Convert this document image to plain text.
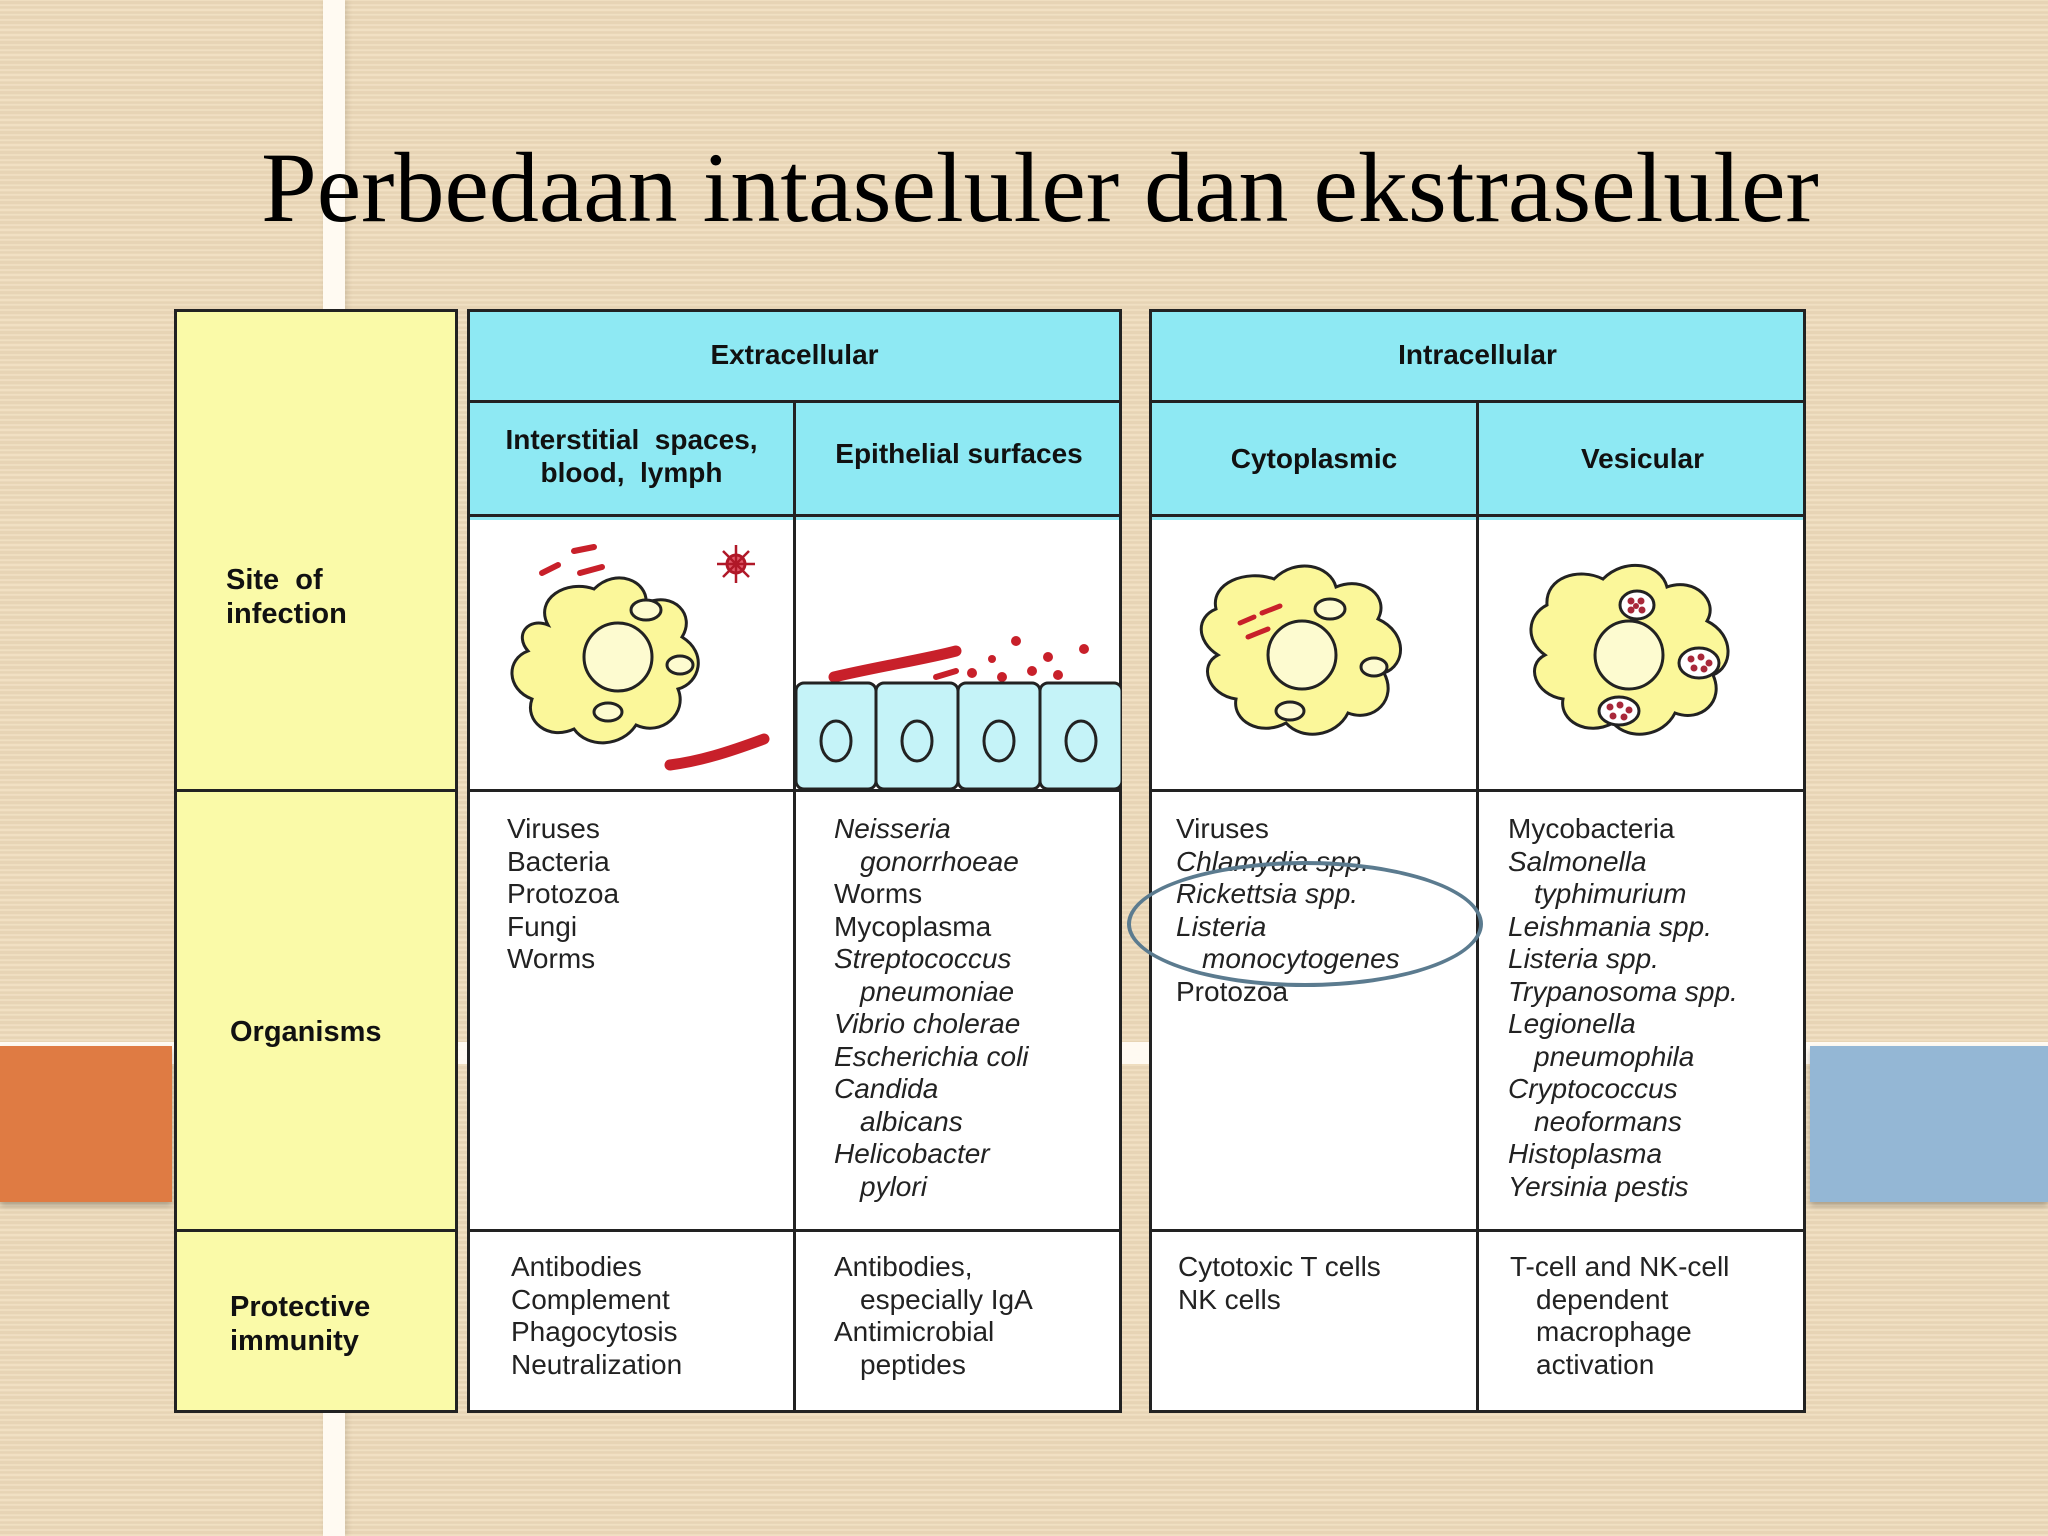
Perbedaan intaseluler dan ekstraseluler
Site  of
infection
Organisms
Protective
immunity
Extracellular
Interstitial  spaces,
blood,  lymph
Epithelial surfaces
Intracellular
Cytoplasmic	Vesicular
Viruses
Bacteria
Protozoa
Fungi
Worms
Neisseria
gonorrhoeae
Worms
Mycoplasma
Streptococcus
pneumoniae
Vibrio cholerae
Escherichia coli
Candida
albicans
Helicobacter
pylori
Viruses
Chlamydia spp.
Rickettsia spp.
Listeria
monocytogenes
Protozoa
Mycobacteria
Salmonella
typhimurium
Leishmania spp.
Listeria spp.
Trypanosoma spp.
Legionella
pneumophila
Cryptococcus
neoformans
Histoplasma
Yersinia pestis
Antibodies
Complement
Phagocytosis
Neutralization
Antibodies,
especially IgA
Antimicrobial
peptides
Cytotoxic T cells
NK cells
T-cell and NK-cell
dependent
macrophage
activation
